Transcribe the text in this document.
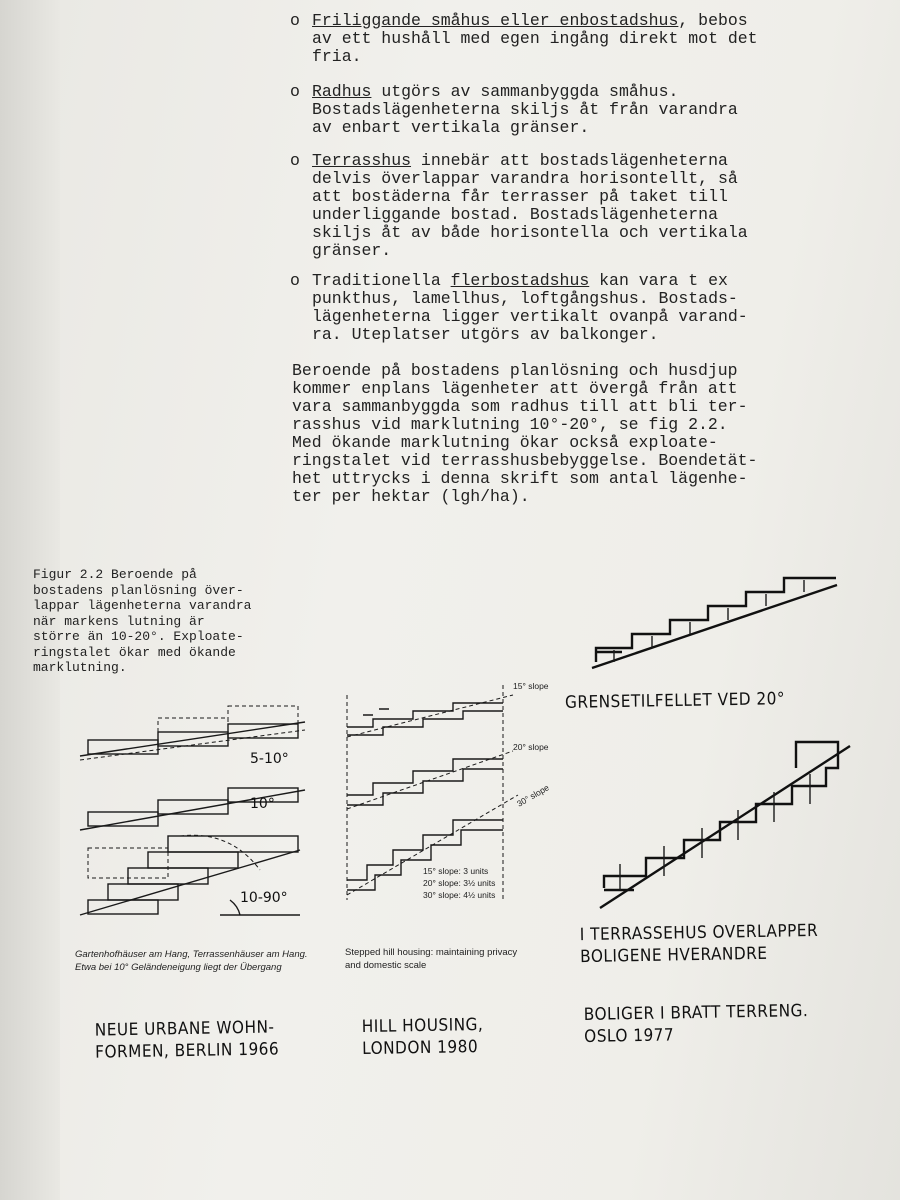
o Friliggande småhus eller enbostadshus, bebos
av ett hushåll med egen ingång direkt mot det
fria.
o Radhus utgörs av sammanbyggda småhus.
Bostadslägenheterna skiljs åt från varandra
av enbart vertikala gränser.
o Terrasshus innebär att bostadslägenheterna
delvis överlappar varandra horisontellt, så
att bostäderna får terrasser på taket till
underliggande bostad. Bostadslägenheterna
skiljs åt av både horisontella och vertikala
gränser.
o Traditionella flerbostadshus kan vara t ex
punkthus, lamellhus, loftgångshus. Bostads-
lägenheterna ligger vertikalt ovanpå varand-
ra. Uteplatser utgörs av balkonger.
Beroende på bostadens planlösning och husdjup
kommer enplans lägenheter att övergå från att
vara sammanbyggda som radhus till att bli ter-
rasshus vid marklutning 10°-20°, se fig 2.2.
Med ökande marklutning ökar också exploate-
ringstalet vid terrasshusbebyggelse. Boendetät-
het uttrycks i denna skrift som antal lägenhe-
ter per hektar (lgh/ha).
Figur 2.2 Beroende på
bostadens planlösning över-
lappar lägenheterna varandra
när markens lutning är
större än 10-20°. Exploate-
ringstalet ökar med ökande
marklutning.
5-10°
10°
10-90°
Gartenhofhäuser am Hang, Terrassenhäuser am Hang.
Etwa bei 10° Geländeneigung liegt der Übergang
15° slope
20° slope
30° slope
15° slope: 3 units
20° slope: 3½ units
30° slope: 4½ units
Stepped hill housing: maintaining privacy
and domestic scale
GRENSETILFELLET VED 20°
I TERRASSEHUS OVERLAPPER
BOLIGENE HVERANDRE
NEUE URBANE WOHN-
FORMEN, BERLIN 1966
HILL HOUSING,
LONDON 1980
BOLIGER I BRATT TERRENG.
OSLO 1977
